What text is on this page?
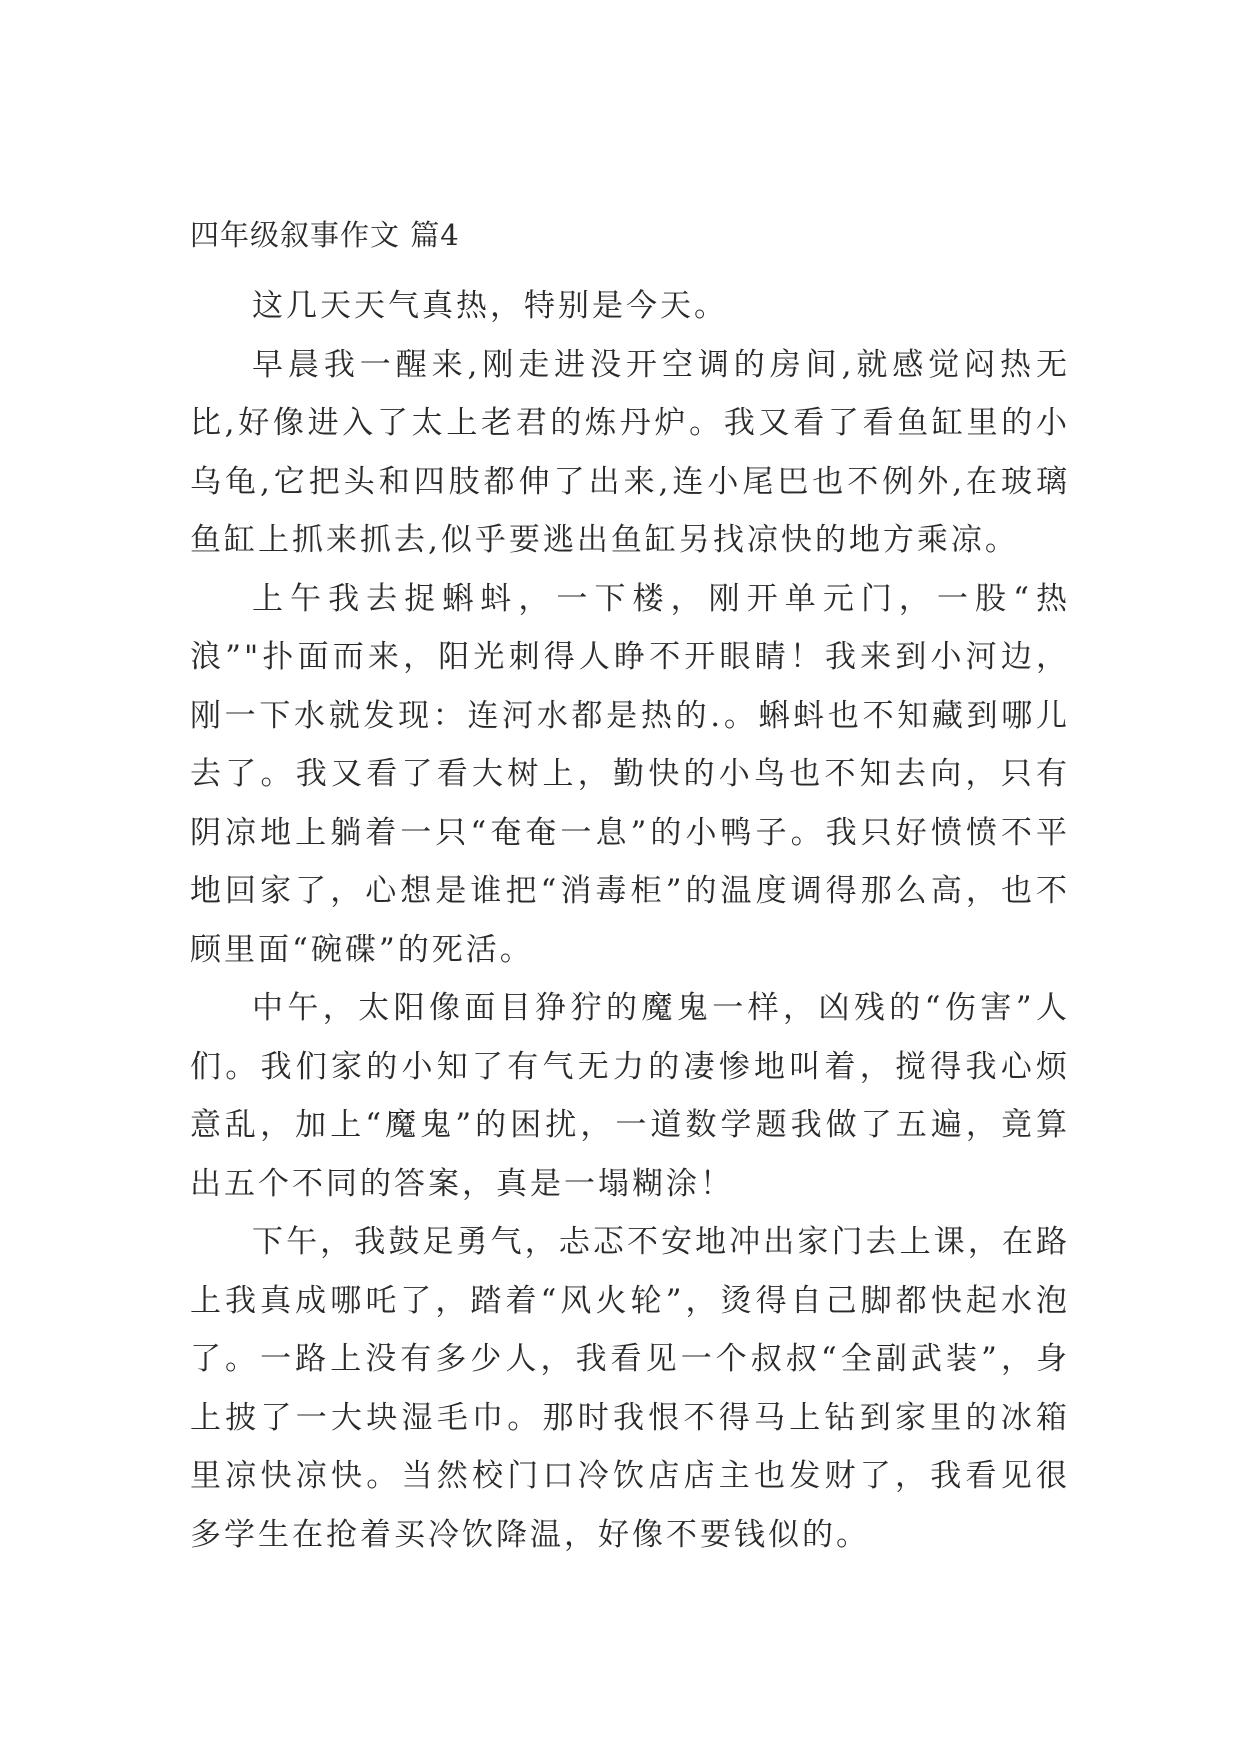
四年级叙事作文 篇4

这几天天气真热，特别是今天。

早晨我一醒来,刚走进没开空调的房间,就感觉闷热无比,好像进入了太上老君的炼丹炉。我又看了看鱼缸里的小乌龟,它把头和四肢都伸了出来,连小尾巴也不例外,在玻璃鱼缸上抓来抓去,似乎要逃出鱼缸另找凉快的地方乘凉。

上午我去捉蝌蚪，一下楼，刚开单元门，一股“热浪”"扑面而来，阳光刺得人睁不开眼睛！我来到小河边，刚一下水就发现：连河水都是热的.。蝌蚪也不知藏到哪儿去了。我又看了看大树上，勤快的小鸟也不知去向，只有阴凉地上躺着一只“奄奄一息”的小鸭子。我只好愤愤不平地回家了，心想是谁把“消毒柜”的温度调得那么高，也不顾里面“碗碟”的死活。

中午，太阳像面目狰狞的魔鬼一样，凶残的“伤害”人们。我们家的小知了有气无力的凄惨地叫着，搅得我心烦意乱，加上“魔鬼”的困扰，一道数学题我做了五遍，竟算出五个不同的答案，真是一塌糊涂！

下午，我鼓足勇气，忐忑不安地冲出家门去上课，在路上我真成哪吒了，踏着“风火轮”，烫得自己脚都快起水泡了。一路上没有多少人，我看见一个叔叔“全副武装”，身上披了一大块湿毛巾。那时我恨不得马上钻到家里的冰箱里凉快凉快。当然校门口冷饮店店主也发财了，我看见很多学生在抢着买冷饮降温，好像不要钱似的。
